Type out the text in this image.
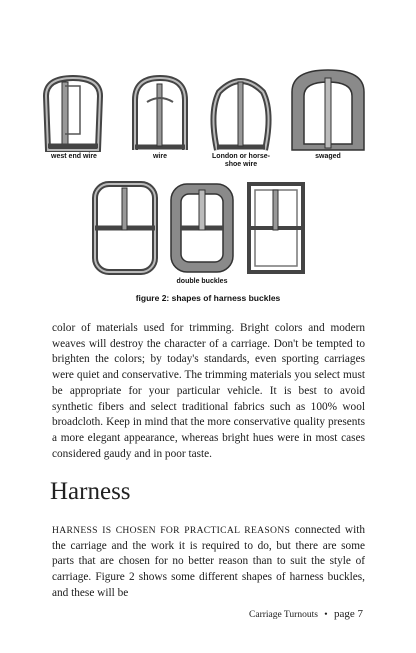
west end wire	wire	London or horse-shoe wire
swaged
double buckles
figure 2: shapes of harness buckles

color of materials used for trimming. Bright colors and modern weaves will destroy the character of a carriage. Don't be tempted to brighten the colors; by today's standards, even sporting carriages were quiet and conservative. The trimming materials you select must be appropriate for your particular vehicle. It is best to avoid synthetic fibers and select traditional fabrics such as 100% wool broadcloth. Keep in mind that the more conservative quality presents a more elegant appearance, whereas bright hues were in most cases considered gaudy and in poor taste.

Harness

HARNESS IS CHOSEN FOR PRACTICAL REASONS connected with the carriage and the work it is required to do, but there are some parts that are chosen for no better reason than to suit the style of carriage. Figure 2 shows some different shapes of harness buckles, and these will be

Carriage Turnouts • page 7
